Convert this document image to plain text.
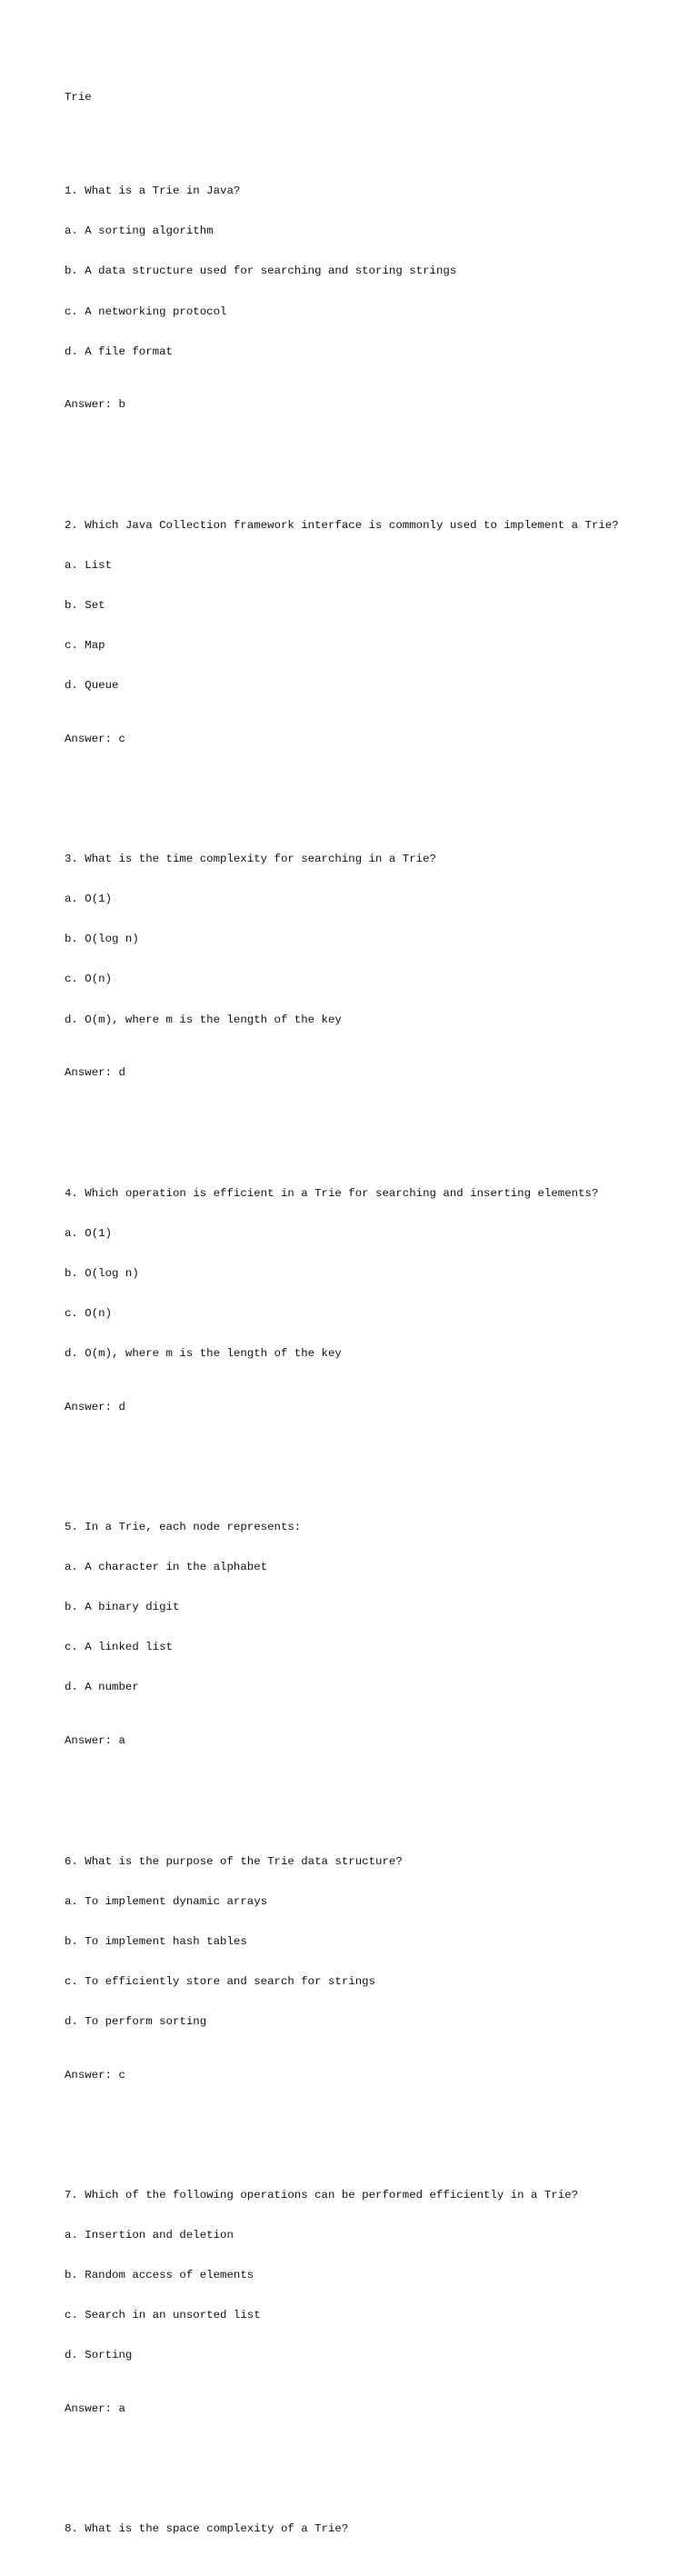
Trie

1. What is a Trie in Java?

a. A sorting algorithm

b. A data structure used for searching and storing strings

c. A networking protocol

d. A file format

Answer: b

2. Which Java Collection framework interface is commonly used to implement a Trie?

a. List

b. Set

c. Map

d. Queue

Answer: c

3. What is the time complexity for searching in a Trie?

a. O(1)

b. O(log n)

c. O(n)

d. O(m), where m is the length of the key

Answer: d

4. Which operation is efficient in a Trie for searching and inserting elements?

a. O(1)

b. O(log n)

c. O(n)

d. O(m), where m is the length of the key

Answer: d

5. In a Trie, each node represents:

a. A character in the alphabet

b. A binary digit

c. A linked list

d. A number

Answer: a

6. What is the purpose of the Trie data structure?

a. To implement dynamic arrays

b. To implement hash tables

c. To efficiently store and search for strings

d. To perform sorting

Answer: c

7. Which of the following operations can be performed efficiently in a Trie?

a. Insertion and deletion

b. Random access of elements

c. Search in an unsorted list

d. Sorting

Answer: a

8. What is the space complexity of a Trie?
